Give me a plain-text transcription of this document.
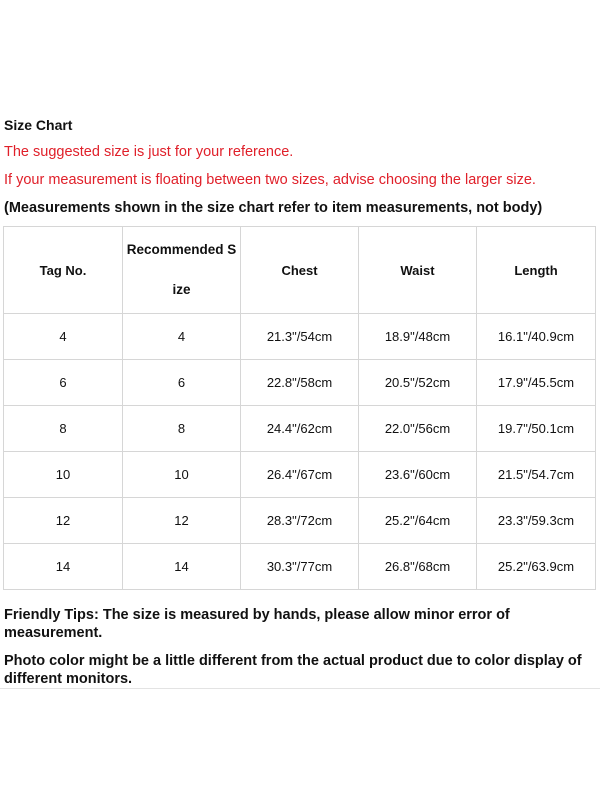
Size Chart
The suggested size is just for your reference.
If your measurement is floating between two sizes, advise choosing the larger size.
(Measurements shown in the size chart refer to item measurements, not body)
Tag No.	Recommended Size	Chest	Waist	Length
4	4	21.3"/54cm	18.9"/48cm	16.1"/40.9cm
6	6	22.8"/58cm	20.5"/52cm	17.9"/45.5cm
8	8	24.4"/62cm	22.0"/56cm	19.7"/50.1cm
10	10	26.4"/67cm	23.6"/60cm	21.5"/54.7cm
12	12	28.3"/72cm	25.2"/64cm	23.3"/59.3cm
14	14	30.3"/77cm	26.8"/68cm	25.2"/63.9cm
Friendly Tips: The size is measured by hands, please allow minor error of measurement.
Photo color might be a little different from the actual product due to color display of different monitors.
